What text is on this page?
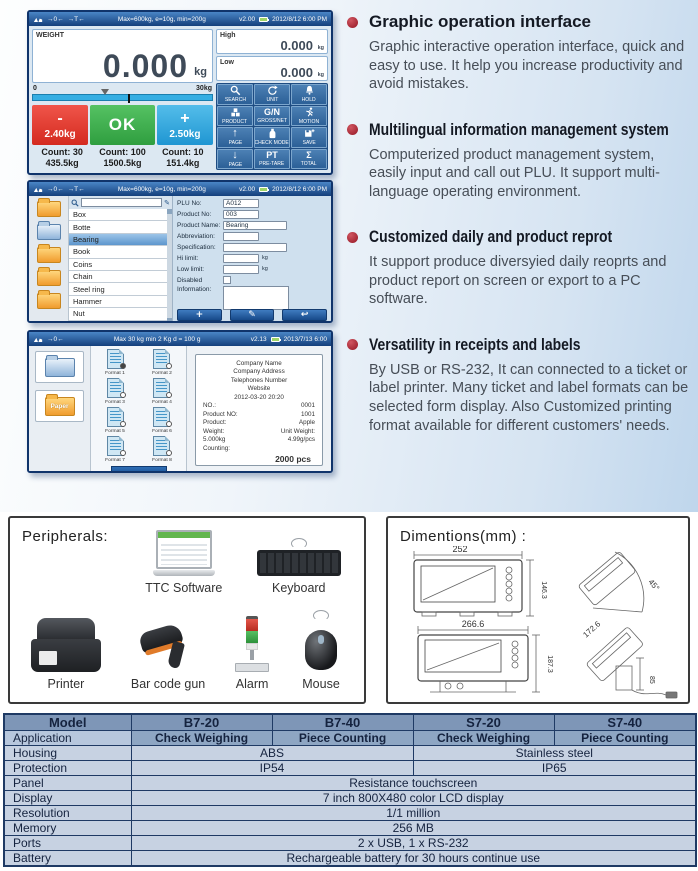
→0← →T←	Max=600kg, e=10g, min=200g	v2.00	2012/8/12 6:00 PM
WEIGHT
0.000 kg
0	30kg
-
2.40kg OK	+
2.50kg
Count: 30
435.5kg
Count: 100
1500.5kg
Count: 10
151.4kg
High
0.000 kg
Low
0.000 kg
SEARCH	UNIT	HOLD
PRODUCT
G/N
GROSS/NET MOTION
↑
PAGE CHECK MODE SAVE
↓
PAGE
PT
PRE-TARE
Σ
TOTAL
→0← →T←	Max=600kg, e=10g, min=200g	v2.00	2012/8/12 6:00 PM
✎
Box
Botte
Bearing
Book
Coins
Chain
Steel ring
Hammer
Nut
PLU No:	A012
Product No:	003
Product Name: Bearing
Abbreviation:
Specification:
Hi limit:	kg
Low limit:	kg
Disabled
Information:
+	✎	↩
→0←	Max 30 kg min 2 Kg d = 100 g	v2.13	2013/7/13 6:00
Paper
Format 1	Format 2
Format 3	Format 4
Format 5	Format 6
Format 7	Format 8
Company Name
Company Address
Telephones Number
Website
2012-03-20 20:20
NO.:	0001
Product NO:	1001
Product:	Apple
Weight:	Unit Weight:
5.000kg	4.99g/pcs
Counting:
2000 pcs
Graphic operation interface
Graphic interactive operation interface, quick and easy to use. It help you increase productivity and avoid mistakes.
Multilingual information management system
Computerized product management system, easily input and call out PLU. It support multi-language operating environment.
Customized daily and product reprot
It support produce diversyied daily reoprts and product report on screen or export to a PC software.
Versatility in receipts and labels
By USB or RS-232, It can connected to a ticket or label printer. Many ticket and label formats can be selected form display. Also Customized printing format available for different customers' needs.
Peripherals:
TTC Software	Keyboard
Printer	Bar code gun Alarm	Mouse
Dimentions(mm) :
252
146.3	45°
266.6
187.3
172.6
85
Model	B7-20	B7-40	S7-20	S7-40
Application	Check Weighing	Piece Counting	Check Weighing	Piece Counting
Housing	ABS		Stainless steel	
Protection	IP54		IP65	
Panel	Resistance touchscreen			
Display	7 inch 800X480 color LCD display			
Resolution	1/1 million			
Memory	256 MB			
Ports	2 x USB, 1 x RS-232			
Battery	Rechargeable battery for 30 hours continue use			
